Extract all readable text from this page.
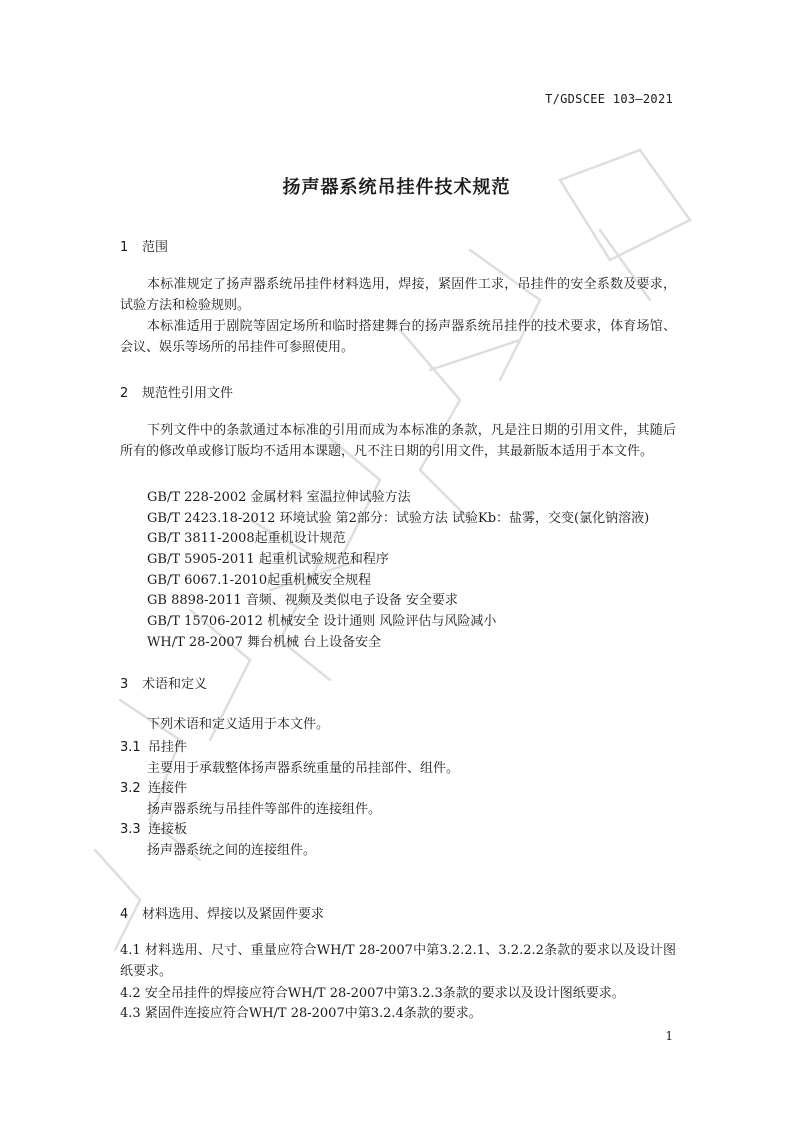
T/GDSCEE 103—2021
扬声器系统吊挂件技术规范
1 范围
本标准规定了扬声器系统吊挂件材料选用，焊接，紧固件工求，吊挂件的安全系数及要求，试验方法和检验规则。
本标准适用于剧院等固定场所和临时搭建舞台的扬声器系统吊挂件的技术要求，体育场馆、会议、娱乐等场所的吊挂件可参照使用。
2 规范性引用文件
下列文件中的条款通过本标准的引用而成为本标准的条款，凡是注日期的引用文件，其随后所有的修改单或修订版均不适用本课题，凡不注日期的引用文件，其最新版本适用于本文件。
GB/T 228-2002 金属材料 室温拉伸试验方法
GB/T 2423.18-2012 环境试验 第2部分：试验方法 试验Kb：盐雾，交变(氯化钠溶液)
GB/T 3811-2008起重机设计规范
GB/T 5905-2011 起重机试验规范和程序
GB/T 6067.1-2010起重机械安全规程
GB 8898-2011 音频、视频及类似电子设备 安全要求
GB/T 15706-2012 机械安全 设计通则 风险评估与风险减小
WH/T 28-2007 舞台机械 台上设备安全
3 术语和定义
下列术语和定义适用于本文件。
3.1 吊挂件
主要用于承载整体扬声器系统重量的吊挂部件、组件。
3.2 连接件
扬声器系统与吊挂件等部件的连接组件。
3.3 连接板
扬声器系统之间的连接组件。
4 材料选用、焊接以及紧固件要求
4.1 材料选用、尺寸、重量应符合WH/T 28-2007中第3.2.2.1、3.2.2.2条款的要求以及设计图纸要求。
4.2 安全吊挂件的焊接应符合WH/T 28-2007中第3.2.3条款的要求以及设计图纸要求。
4.3 紧固件连接应符合WH/T 28-2007中第3.2.4条款的要求。
1
